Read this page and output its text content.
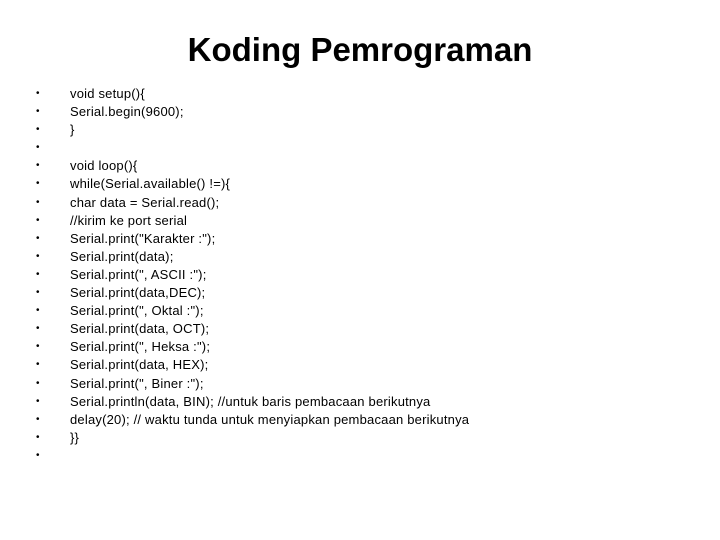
Koding Pemrograman
•	void setup(){
•	Serial.begin(9600);
•	}
•
•	void loop(){
•	while(Serial.available() !=){
•	char data = Serial.read();
•	//kirim ke port serial
•	Serial.print("Karakter :");
•	Serial.print(data);
•	Serial.print(", ASCII :");
•	Serial.print(data,DEC);
•	Serial.print(", Oktal :");
•	Serial.print(data, OCT);
•	Serial.print(", Heksa :");
•	Serial.print(data, HEX);
•	Serial.print(", Biner :");
•	Serial.println(data, BIN); //untuk baris pembacaan berikutnya
•	delay(20); // waktu tunda untuk menyiapkan pembacaan berikutnya
•	}}
•
